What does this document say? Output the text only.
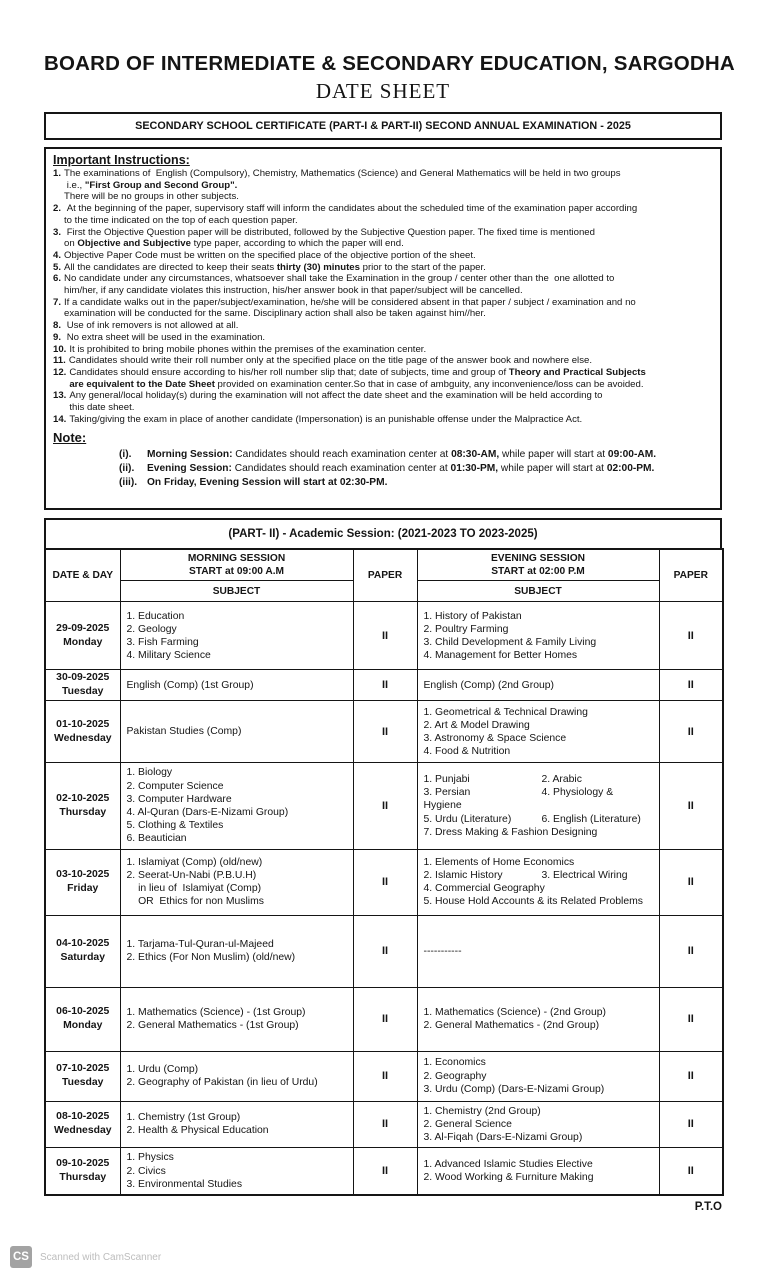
BOARD OF INTERMEDIATE & SECONDARY EDUCATION, SARGODHA
DATE SHEET
SECONDARY SCHOOL CERTIFICATE (PART-I & PART-II) SECOND ANNUAL EXAMINATION - 2025
Important Instructions:
1. The examinations of  English (Compulsory), Chemistry, Mathematics (Science) and General Mathematics will be held in two groups
i.e., "First Group and Second Group".
There will be no groups in other subjects.
2. At the beginning of the paper, supervisory staff will inform the candidates about the scheduled time of the examination paper according
to the time indicated on the top of each question paper.
3. First the Objective Question paper will be distributed, followed by the Subjective Question paper. The fixed time is mentioned
on Objective and Subjective type paper, according to which the paper will end.
4. Objective Paper Code must be written on the specified place of the objective portion of the sheet.
5. All the candidates are directed to keep their seats thirty (30) minutes prior to the start of the paper.
6. No candidate under any circumstances, whatsoever shall take the Examination in the group / center other than the  one allotted to
him/her, if any candidate violates this instruction, his/her answer book in that paper/subject will be cancelled.
7. If a candidate walks out in the paper/subject/examination, he/she will be considered absent in that paper / subject / examination and no
examination will be conducted for the same. Disciplinary action shall also be taken against him//her.
8. Use of ink removers is not allowed at all.
9. No extra sheet will be used in the examination.
10. It is prohibited to bring mobile phones within the premises of the examination center.
11. Candidates should write their roll number only at the specified place on the title page of the answer book and nowhere else.
12. Candidates should ensure according to his/her roll number slip that; date of subjects, time and group of Theory and Practical Subjects
are equivalent to the Date Sheet provided on examination center.So that in case of ambguity, any inconvenience/loss can be avoided.
13. Any general/local holiday(s) during the examination will not affect the date sheet and the examination will be held according to
this date sheet.
14. Taking/giving the exam in place of another candidate (Impersonation) is an punishable offense under the Malpractice Act.
Note:
(i).	Morning Session: Candidates should reach examination center at 08:30-AM, while paper will start at 09:00-AM.
(ii).	Evening Session: Candidates should reach examination center at 01:30-PM, while paper will start at 02:00-PM.
(iii). On Friday, Evening Session will start at 02:30-PM.
(PART- II) - Academic Session: (2021-2023 TO 2023-2025)
DATE & DAY	
MORNING SESSION
START at 09:00 A.M	PAPER	
EVENING SESSION
START at 02:00 P.M	PAPER
	SUBJECT		SUBJECT	

29-09-2025
Monday

1. Education
2. Geology
3. Fish Farming
4. Military Science
	II	
1. History of Pakistan
2. Poultry Farming
3. Child Development & Family Living
4. Management for Better Homes
	II

30-09-2025
Tuesday	English (Comp) (1st Group)	II	English (Comp) (2nd Group)	II

01-10-2025
Wednesday

Pakistan Studies (Comp)	II	
1. Geometrical & Technical Drawing
2. Art & Model Drawing
3. Astronomy & Space Science
4. Food & Nutrition
	II

02-10-2025
Thursday

1. Biology
2. Computer Science
3. Computer Hardware
4. Al-Quran (Dars-E-Nizami Group)
5. Clothing & Textiles
6. Beautician
	II	
1. Punjabi	2. Arabic
3. Persian	4. Physiology & Hygiene
5. Urdu (Literature)	6. English (Literature)
7. Dress Making & Fashion Designing
	II

03-10-2025
Friday

1. Islamiyat (Comp) (old/new)
2. Seerat-Un-Nabi (P.B.U.H)
in lieu of  Islamiyat (Comp)
OR  Ethics for non Muslims
	II	
1. Elements of Home Economics
2. Islamic History	3. Electrical Wiring
4. Commercial Geography
5. House Hold Accounts & its Related Problems
	II

04-10-2025
Saturday

1. Tarjama-Tul-Quran-ul-Majeed
2. Ethics (For Non Muslim) (old/new)
	II	-----------	II

06-10-2025
Monday

1. Mathematics (Science) - (1st Group)
2. General Mathematics - (1st Group)
	II	
1. Mathematics (Science) - (2nd Group)
2. General Mathematics - (2nd Group)
	II

07-10-2025
Tuesday

1. Urdu (Comp)
2. Geography of Pakistan (in lieu of Urdu)
	II	
1. Economics
2. Geography
3. Urdu (Comp) (Dars-E-Nizami Group)
	II

08-10-2025
Wednesday

1. Chemistry (1st Group)
2. Health & Physical Education
	II	
1. Chemistry (2nd Group)
2. General Science
3. Al-Fiqah (Dars-E-Nizami Group)
	II

09-10-2025
Thursday

1. Physics
2. Civics
3. Environmental Studies
	II	
1. Advanced Islamic Studies Elective
2. Wood Working & Furniture Making
	II
P.T.O
CS	Scanned with CamScanner
